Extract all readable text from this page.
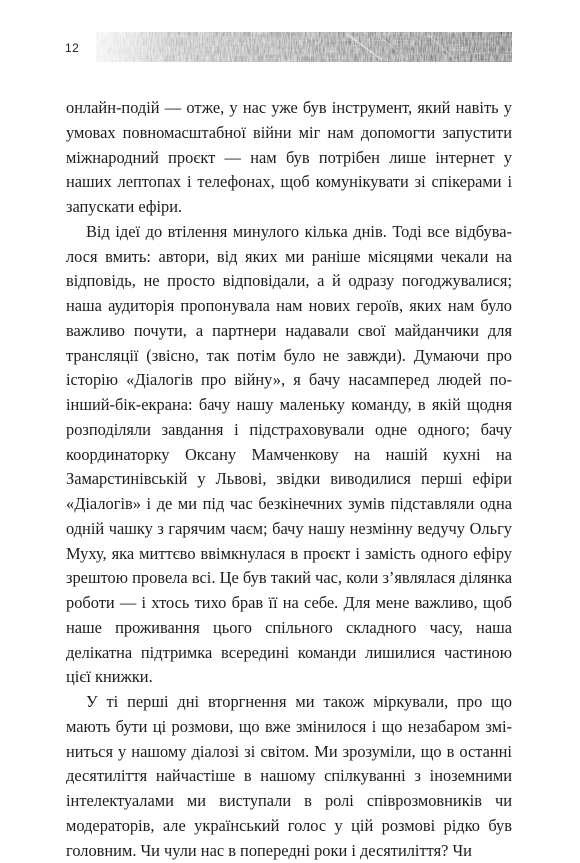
12

онлайн-подій — отже, у нас уже був інструмент, який навіть у умовах повномасштабної війни міг нам допомогти запустити міжнародний проєкт — нам був потрібен лише інтернет у наших лептопах і телефонах, щоб комунікувати зі спікерами і запускати ефіри.

Від ідеї до втілення минулого кілька днів. Тоді все відбувалося вмить: автори, від яких ми раніше місяцями чекали на відповідь, не просто відповідали, а й одразу погоджувалися; наша аудиторія пропонувала нам нових героїв, яких нам було важливо почути, а партнери надавали свої майданчики для трансляції (звісно, так потім було не завжди). Думаючи про історію «Діалогів про війну», я бачу насамперед людей по-інший-бік-екрана: бачу нашу маленьку команду, в якій щодня розподіляли завдання і підстраховували одне одного; бачу координаторку Оксану Мамченкову на нашій кухні на Замарстинівській у Львові, звідки виводилися перші ефіри «Діалогів» і де ми під час безкінечних зумів підставляли одна одній чашку з гарячим чаєм; бачу нашу незмінну ведучу Ольгу Муху, яка миттєво ввімкнулася в проєкт і замість одного ефіру зрештою провела всі. Це був такий час, коли з’являлася ділянка роботи — і хтось тихо брав її на себе. Для мене важливо, щоб наше проживання цього спільного складного часу, наша делікатна підтримка всередині команди лишилися частиною цієї книжки.

У ті перші дні вторгнення ми також міркували, про що мають бути ці розмови, що вже змінилося і що незабаром зміниться у нашому діалозі зі світом. Ми зрозуміли, що в останні десятиліття найчастіше в нашому спілкуванні з іноземними інтелектуалами ми виступали в ролі співрозмовників чи модераторів, але український голос у цій розмові рідко був головним. Чи чули нас в попередні роки і десятиліття? Чи
